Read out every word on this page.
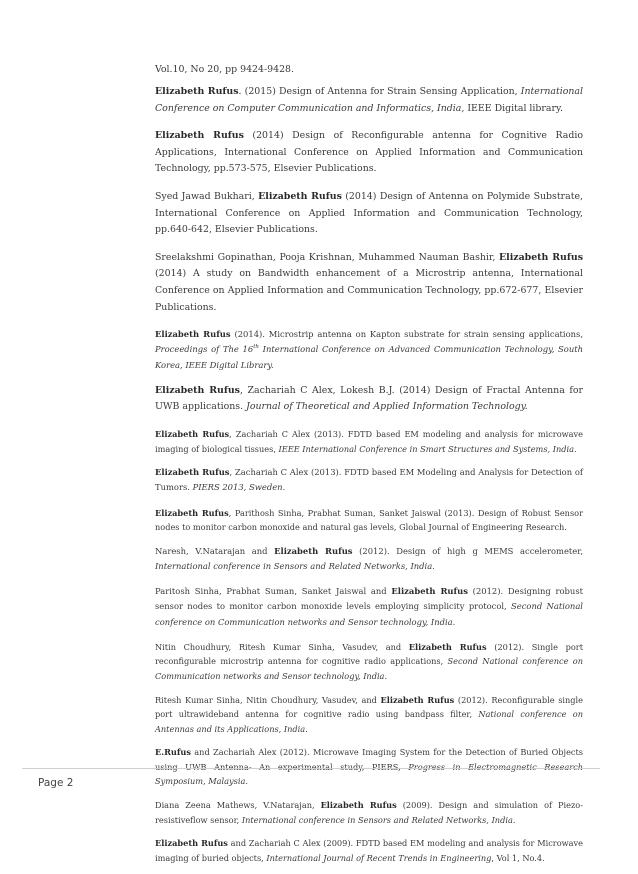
Vol.10, No 20, pp 9424-9428.

Elizabeth Rufus. (2015) Design of Antenna for Strain Sensing Application, International Conference on Computer Communication and Informatics, India, IEEE Digital library.

Elizabeth Rufus (2014) Design of Reconfigurable antenna for Cognitive Radio Applications, International Conference on Applied Information and Communication Technology, pp.573-575, Elsevier Publications.

Syed Jawad Bukhari, Elizabeth Rufus (2014) Design of Antenna on Polymide Substrate, International Conference on Applied Information and Communication Technology, pp.640-642, Elsevier Publications.

Sreelakshmi Gopinathan, Pooja Krishnan, Muhammed Nauman Bashir, Elizabeth Rufus (2014) A study on Bandwidth enhancement of a Microstrip antenna, International Conference on Applied Information and Communication Technology, pp.672-677, Elsevier Publications.

Elizabeth Rufus (2014). Microstrip antenna on Kapton substrate for strain sensing applications, Proceedings of The 16th International Conference on Advanced Communication Technology, South Korea, IEEE Digital Library.

Elizabeth Rufus, Zachariah C Alex, Lokesh B.J. (2014) Design of Fractal Antenna for UWB applications. Journal of Theoretical and Applied Information Technology.

Elizabeth Rufus, Zachariah C Alex (2013). FDTD based EM modeling and analysis for microwave imaging of biological tissues, IEEE International Conference in Smart Structures and Systems, India.

Elizabeth Rufus, Zachariah C Alex (2013). FDTD based EM Modeling and Analysis for Detection of Tumors. PIERS 2013, Sweden.

Elizabeth Rufus, Parithosh Sinha, Prabhat Suman, Sanket Jaiswal (2013). Design of Robust Sensor nodes to monitor carbon monoxide and natural gas levels, Global Journal of Engineering Research.

Naresh, V.Natarajan and Elizabeth Rufus (2012). Design of high g MEMS accelerometer, International conference in Sensors and Related Networks, India.

Paritosh Sinha, Prabhat Suman, Sanket Jaiswal and Elizabeth Rufus (2012). Designing robust sensor nodes to monitor carbon monoxide levels employing simplicity protocol, Second National conference on Communication networks and Sensor technology, India.

Nitin Choudhury, Ritesh Kumar Sinha, Vasudev, and Elizabeth Rufus (2012). Single port reconfigurable microstrip antenna for cognitive radio applications, Second National conference on Communication networks and Sensor technology, India.

Ritesh Kumar Sinha, Nitin Choudhury, Vasudev, and Elizabeth Rufus (2012). Reconfigurable single port ultrawideband antenna for cognitive radio using bandpass filter, National conference on Antennas and its Applications, India.

E.Rufus and Zachariah Alex (2012). Microwave Imaging System for the Detection of Buried Objects using UWB Antenna- An experimental study, PIERS, Progress in Electromagnetic Research Symposium, Malaysia.

Diana Zeena Mathews, V.Natarajan, Elizabeth Rufus (2009). Design and simulation of Piezo-resistiveflow sensor, International conference in Sensors and Related Networks, India.

Elizabeth Rufus and Zachariah C Alex (2009). FDTD based EM modeling and analysis for Microwave imaging of buried objects, International Journal of Recent Trends in Engineering, Vol 1, No.4.

Page 2
